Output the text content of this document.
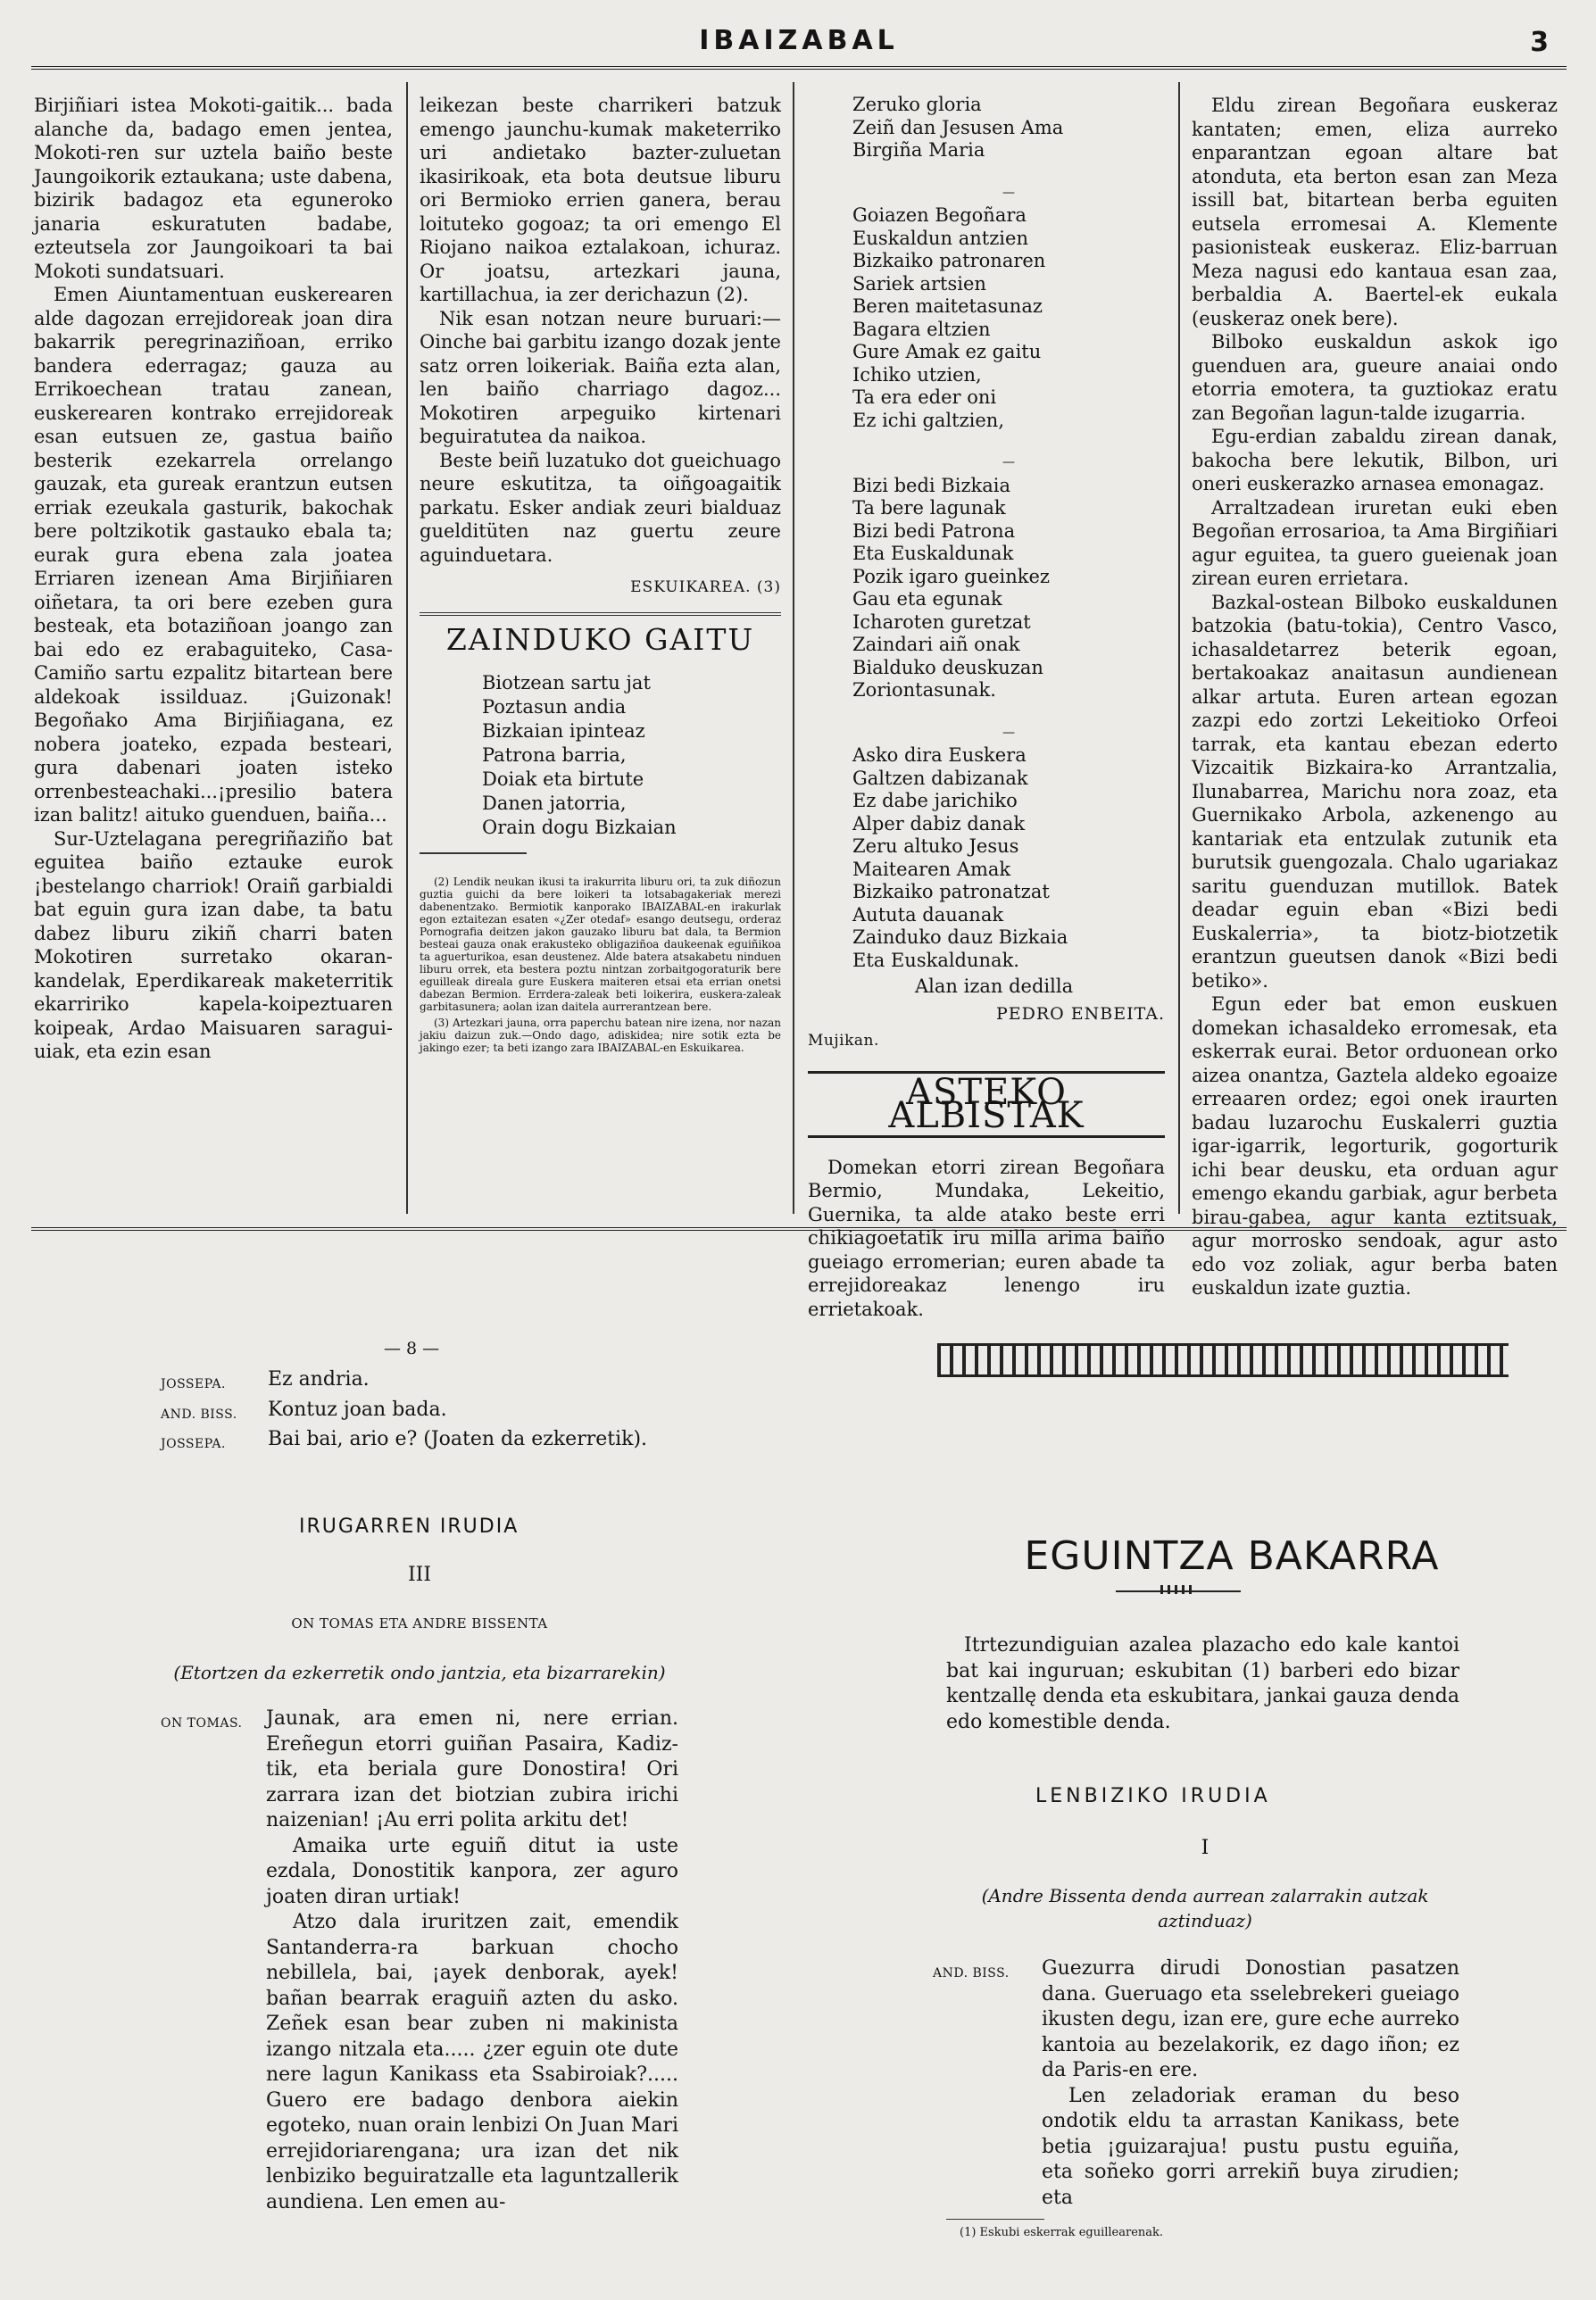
IBAIZABAL	3

Birjiñiari istea Mokoti-gaitik... bada alanche da, badago emen jentea, Mokoti-ren sur uztela baiño beste Jaungoikorik eztaukana; uste dabena, bizirik badagoz eta eguneroko janaria eskuratuten badabe, ezteutsela zor Jaungoikoari ta bai Mokoti sundatsuari.

Emen Aiuntamentuan euskerearen alde dagozan errejidoreak joan dira bakarrik peregrinaziñoan, erriko bandera ederragaz; gauza au Errikoechean tratau zanean, euskerearen kontrako errejidoreak esan eutsuen ze, gastua baiño besterik ezekarrela orrelango gauzak, eta gureak erantzun eutsen erriak ezeukala gasturik, bakochak bere poltzikotik gastauko ebala ta; eurak gura ebena zala joatea Erriaren izenean Ama Birjiñiaren oiñetara, ta ori bere ezeben gura besteak, eta botaziñoan joango zan bai edo ez erabaguiteko, Casa-Camiño sartu ezpalitz bitartean bere aldekoak issilduaz. ¡Guizonak! Begoñako Ama Birjiñiagana, ez nobera joateko, ezpada besteari, gura dabenari joaten isteko orrenbesteachaki...¡presilio batera izan balitz! aituko guenduen, baiña...

Sur-Uztelagana peregriñaziño bat eguitea baiño eztauke eurok ¡bestelango charriok! Oraiñ garbialdi bat eguin gura izan dabe, ta batu dabez liburu zikiñ charri baten Mokotiren surretako okaran-kandelak, Eperdikareak maketerritik ekarririko kapela-koipeztuaren koipeak, Ardao Maisuaren saragui-uiak, eta ezin esan

leikezan beste charrikeri batzuk emengo jaunchu-kumak maketerriko uri andietako bazter-zuluetan ikasirikoak, eta bota deutsue liburu ori Bermioko errien ganera, berau loituteko gogoaz; ta ori emengo El Riojano naikoa eztalakoan, ichuraz. Or joatsu, artezkari jauna, kartillachua, ia zer derichazun (2).

Nik esan notzan neure buruari:— Oinche bai garbitu izango dozak jente satz orren loikeriak. Baiña ezta alan, len baiño charriago dagoz... Mokotiren arpeguiko kirtenari beguiratutea da naikoa.

Beste beiñ luzatuko dot gueichuago neure eskutitza, ta oiñgoagaitik parkatu. Esker andiak zeuri bialduaz guelditüten naz guertu zeure aguinduetara.

ESKUIKAREA. (3)
ZAINDUKO GAITU
Biotzean sartu jat
Poztasun andia
Bizkaian ipinteaz
Patrona barria,
Doiak eta birtute
Danen jatorria,
Orain dogu Bizkaian

(2) Lendik neukan ikusi ta irakurrita liburu ori, ta zuk diñozun guztia guichi da bere loikeri ta lotsabagakeriak merezi dabenentzako. Bermiotik kanporako IBAIZABAL-en irakurlak egon eztaitezan esaten «¿Zer otedaf» esango deutsegu, orderaz Pornografia deitzen jakon gauzako liburu bat dala, ta Bermion besteai gauza onak erakusteko obligaziñoa daukeenak eguiñikoa ta aguerturikoa, esan deustenez. Alde batera atsakabetu ninduen liburu orrek, eta bestera poztu nintzan zorbaitgogoraturik bere eguilleak direala gure Euskera maiteren etsai eta errian onetsi dabezan Bermion. Errdera-zaleak beti loikerira, euskera-zaleak garbitasunera; aolan izan daitela aurrerantzean bere.

(3) Artezkari jauna, orra paperchu batean nire izena, nor nazan jakiu daizun zuk.—Ondo dago, adiskidea; nire sotik ezta be jakingo ezer; ta beti izango zara IBAIZABAL-en Eskuikarea.

Zeruko gloria
Zeiñ dan Jesusen Ama
Birgiña Maria
—
Goiazen Begoñara
Euskaldun antzien
Bizkaiko patronaren
Sariek artsien
Beren maitetasunaz
Bagara eltzien
Gure Amak ez gaitu
Ichiko utzien,
Ta era eder oni
Ez ichi galtzien,
—
Bizi bedi Bizkaia
Ta bere lagunak
Bizi bedi Patrona
Eta Euskaldunak
Pozik igaro gueinkez
Gau eta egunak
Icharoten guretzat
Zaindari aiñ onak
Bialduko deuskuzan
Zoriontasunak.
—
Asko dira Euskera
Galtzen dabizanak
Ez dabe jarichiko
Alper dabiz danak
Zeru altuko Jesus
Maitearen Amak
Bizkaiko patronatzat
Aututa dauanak
Zainduko dauz Bizkaia
Eta Euskaldunak.
Alan izan dedilla
PEDRO ENBEITA.
Mujikan.
ASTEKO ALBISTAK

Domekan etorri zirean Begoñara Bermio, Mundaka, Lekeitio, Guernika, ta alde atako beste erri chikiagoetatik iru milla arima baiño gueiago erromerian; euren abade ta errejidoreakaz lenengo iru errietakoak.

Eldu zirean Begoñara euskeraz kantaten; emen, eliza aurreko enparantzan egoan altare bat atonduta, eta berton esan zan Meza issill bat, bitartean berba eguiten eutsela erromesai A. Klemente pasionisteak euskeraz. Eliz-barruan Meza nagusi edo kantaua esan zaa, berbaldia A. Baertel-ek eukala (euskeraz onek bere).

Bilboko euskaldun askok igo guenduen ara, gueure anaiai ondo etorria emotera, ta guztiokaz eratu zan Begoñan lagun-talde izugarria.

Egu-erdian zabaldu zirean danak, bakocha bere lekutik, Bilbon, uri oneri euskerazko arnasea emonagaz.

Arraltzadean iruretan euki eben Begoñan errosarioa, ta Ama Birgiñiari agur eguitea, ta guero gueienak joan zirean euren errietara.

Bazkal-ostean Bilboko euskaldunen batzokia (batu-tokia), Centro Vasco, ichasaldetarrez beterik egoan, bertakoakaz anaitasun aundienean alkar artuta. Euren artean egozan zazpi edo zortzi Lekeitioko Orfeoi tarrak, eta kantau ebezan ederto Vizcaitik Bizkaira-ko Arrantzalia, Ilunabarrea, Marichu nora zoaz, eta Guernikako Arbola, azkenengo au kantariak eta entzulak zutunik eta burutsik guengozala. Chalo ugariakaz saritu guenduzan mutillok. Batek deadar eguin eban «Bizi bedi Euskalerria», ta biotz-biotzetik erantzun gueutsen danok «Bizi bedi betiko».

Egun eder bat emon euskuen domekan ichasaldeko erromesak, eta eskerrak eurai. Betor orduonean orko aizea onantza, Gaztela aldeko egoaize erreaaren ordez; egoi onek iraurten badau luzarochu Euskalerri guztia igar-igarrik, legorturik, gogorturik ichi bear deusku, eta orduan agur emengo ekandu garbiak, agur berbeta birau-gabea, agur kanta eztitsuak, agur morrosko sendoak, agur asto edo voz zoliak, agur berba baten euskaldun izate guztia.

— 8 —
JOSSEPA.	Ez andria.
AND. BISS.	Kontuz joan bada.
JOSSEPA.	Bai bai, ario e? (Joaten da ezkerretik).
IRUGARREN IRUDIA
III
ON TOMAS ETA ANDRE BISSENTA
(Etortzen da ezkerretik ondo jantzia, eta bizarrarekin)
ON TOMAS.	Jaunak, ara emen ni, nere errian. Ereñegun etorri guiñan Pasaira, Kadiz-tik, eta beriala gure Donostira! Ori zarrara izan det biotzian zubira irichi naizenian! ¡Au erri polita arkitu det!

Amaika urte eguiñ ditut ia uste ezdala, Donostitik kanpora, zer aguro joaten diran urtiak!

Atzo dala iruritzen zait, emendik Santanderra-ra barkuan chocho nebillela, bai, ¡ayek denborak, ayek! bañan bearrak eraguiñ azten du asko. Zeñek esan bear zuben ni makinista izango nitzala eta..... ¿zer eguin ote dute nere lagun Kanikass eta Ssabiroiak?..... Guero ere badago denbora aiekin egoteko, nuan orain lenbizi On Juan Mari errejidoriarengana; ura izan det nik lenbiziko beguiratzalle eta laguntzallerik aundiena. Len emen au-

EGUINTZA BAKARRA

Itrtezundiguian azalea plazacho edo kale kantoi bat kai inguruan; eskubitan (1) barberi edo bizar kentzallę denda eta eskubitara, jankai gauza denda edo komestible denda.

LENBIZIKO IRUDIA
I
(Andre Bissenta denda aurrean zalarrakin autzak aztinduaz)
AND. BISS.	Guezurra dirudi Donostian pasatzen dana. Gueruago eta sselebrekeri gueiago ikusten degu, izan ere, gure eche aurreko kantoia au bezelakorik, ez dago iñon; ez da Paris-en ere.

Len zeladoriak eraman du beso ondotik eldu ta arrastan Kanikass, bete betia ¡guizarajua! pustu pustu eguiña, eta soñeko gorri arrekiñ buya zirudien; eta

(1) Eskubi eskerrak eguillearenak.
